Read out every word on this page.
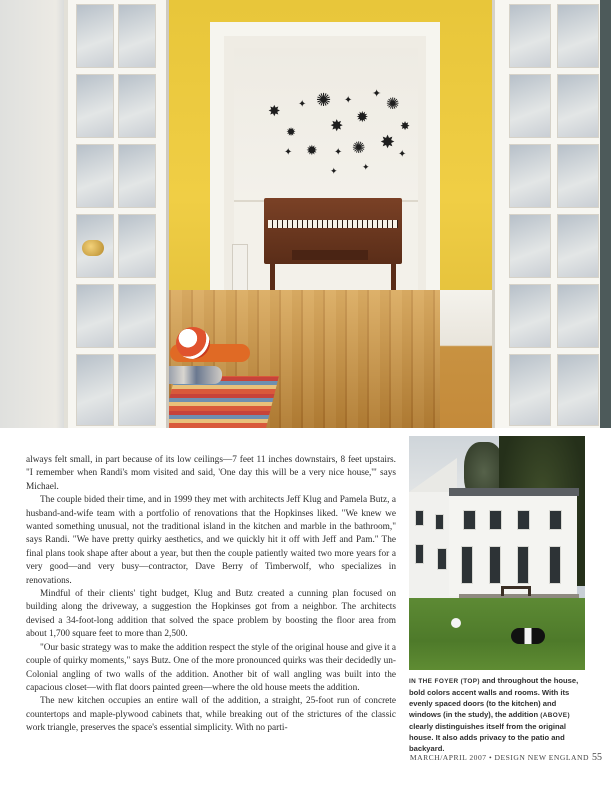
✸
✹
✦ ✺
✸
✦
✹
✦
✺
✸
✦ ✹ ✦ ✺ ✸
✦
✦	✦

always felt small, in part because of its low ceilings—7 feet 11 inches downstairs, 8 feet upstairs. "I remember when Randi's mom visited and said, 'One day this will be a very nice house,'" says Michael.

The couple bided their time, and in 1999 they met with architects Jeff Klug and Pamela Butz, a husband-and-wife team with a portfolio of renovations that the Hopkinses liked. "We knew we wanted something unusual, not the traditional island in the kitchen and marble in the bathroom," says Randi. "We have pretty quirky aesthetics, and we quickly hit it off with Jeff and Pam." The final plans took shape after about a year, but then the couple patiently waited two more years for a very good—and very busy—contractor, Dave Berry of Timberwolf, who specializes in renovations.

Mindful of their clients' tight budget, Klug and Butz created a cunning plan focused on building along the driveway, a suggestion the Hopkinses got from a neighbor. The architects devised a 34-foot-long addition that solved the space problem by boosting the floor area from about 1,700 square feet to more than 2,500.

"Our basic strategy was to make the addition respect the style of the original house and give it a couple of quirky moments," says Butz. One of the more pronounced quirks was their decidedly un-Colonial angling of two walls of the addition. Another bit of wall angling was built into the capacious closet—with flat doors painted green—where the old house meets the addition.

The new kitchen occupies an entire wall of the addition, a straight, 25-foot run of concrete countertops and maple-plywood cabinets that, while breaking out of the strictures of the classic work triangle, preserves the space's essential simplicity. With no parti-

IN THE FOYER (TOP) and throughout the house, bold colors accent walls and rooms. With its evenly spaced doors (to the kitchen) and windows (in the study), the addition (ABOVE) clearly distinguishes itself from the original house. It also adds privacy to the patio and backyard.
MARCH/APRIL 2007 • DESIGN NEW ENGLAND 55
